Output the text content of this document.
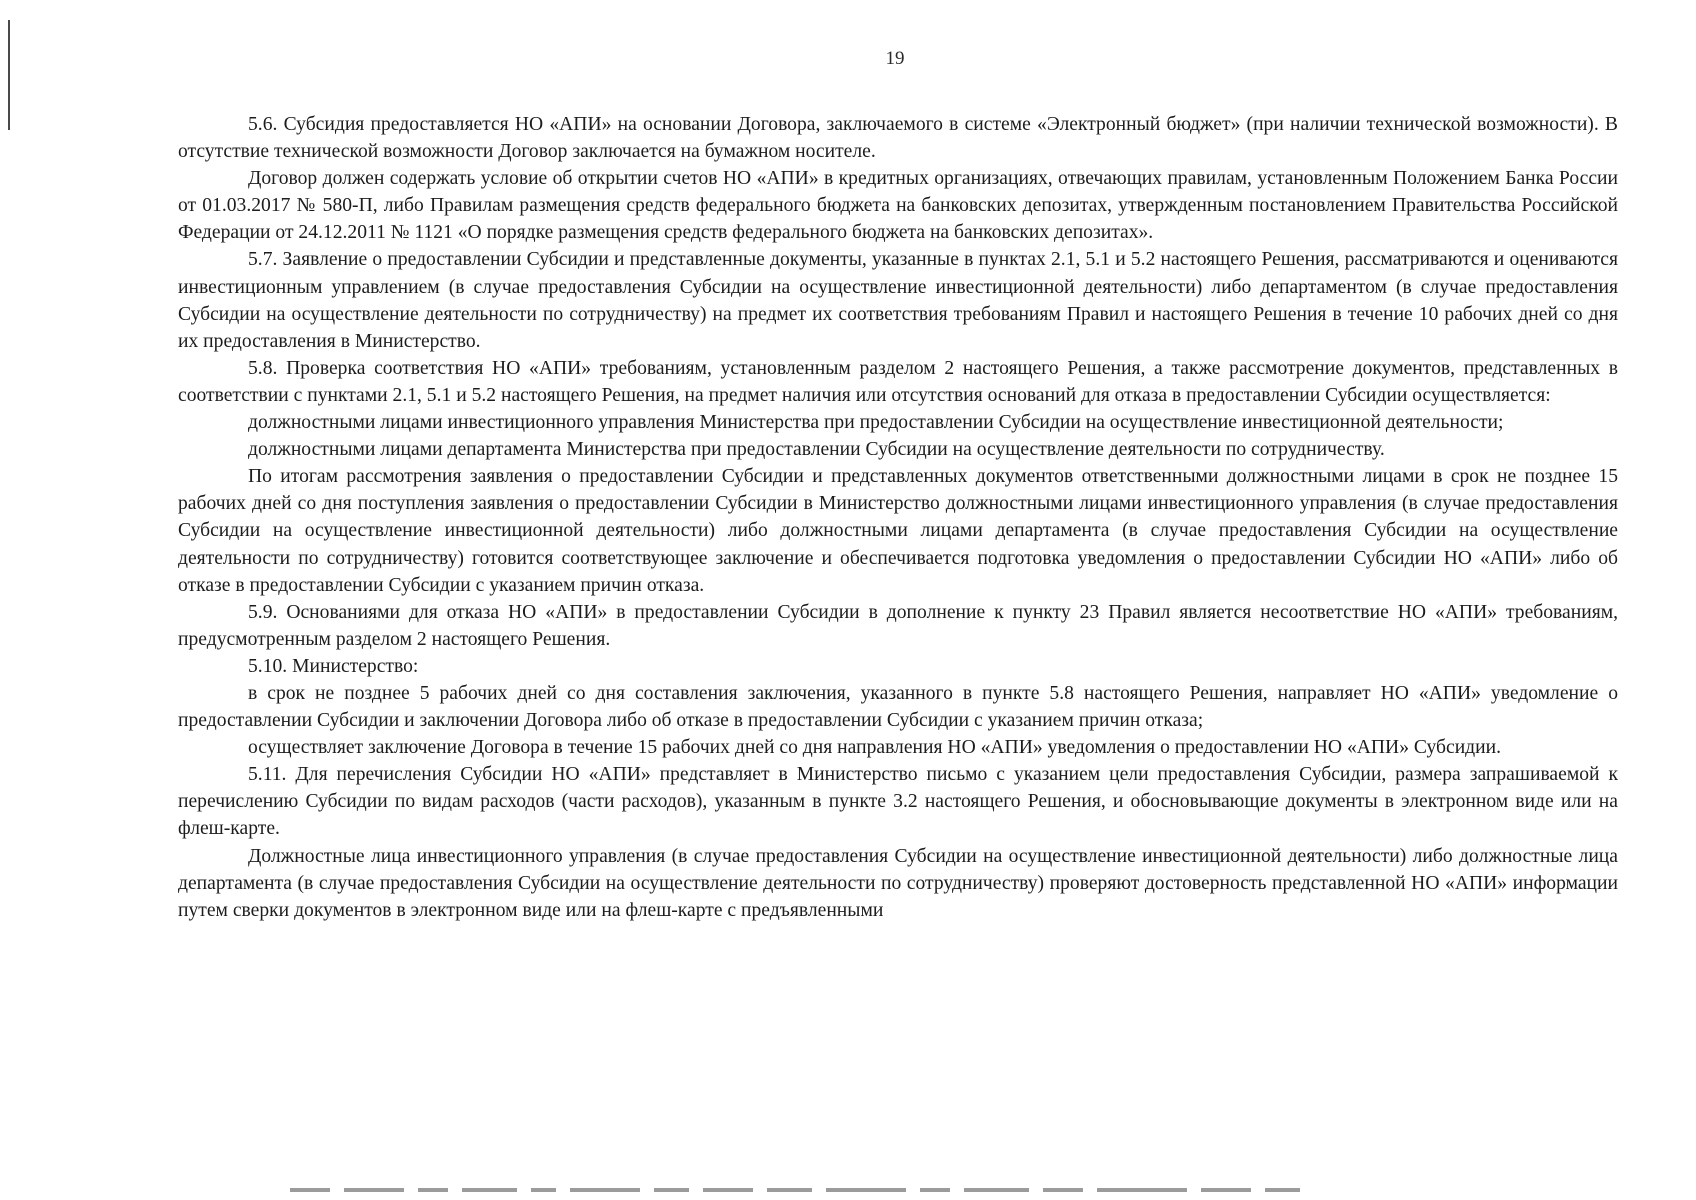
19

5.6. Субсидия предоставляется НО «АПИ» на основании Договора, заключаемого в системе «Электронный бюджет» (при наличии технической возможности). В отсутствие технической возможности Договор заключается на бумажном носителе.

Договор должен содержать условие об открытии счетов НО «АПИ» в кредитных организациях, отвечающих правилам, установленным Положением Банка России от 01.03.2017 № 580-П, либо Правилам размещения средств федерального бюджета на банковских депозитах, утвержденным постановлением Правительства Российской Федерации от 24.12.2011 № 1121 «О порядке размещения средств федерального бюджета на банковских депозитах».

5.7. Заявление о предоставлении Субсидии и представленные документы, указанные в пунктах 2.1, 5.1 и 5.2 настоящего Решения, рассматриваются и оцениваются инвестиционным управлением (в случае предоставления Субсидии на осуществление инвестиционной деятельности) либо департаментом (в случае предоставления Субсидии на осуществление деятельности по сотрудничеству) на предмет их соответствия требованиям Правил и настоящего Решения в течение 10 рабочих дней со дня их предоставления в Министерство.

5.8. Проверка соответствия НО «АПИ» требованиям, установленным разделом 2 настоящего Решения, а также рассмотрение документов, представленных в соответствии с пунктами 2.1, 5.1 и 5.2 настоящего Решения, на предмет наличия или отсутствия оснований для отказа в предоставлении Субсидии осуществляется:

должностными лицами инвестиционного управления Министерства при предоставлении Субсидии на осуществление инвестиционной деятельности;

должностными лицами департамента Министерства при предоставлении Субсидии на осуществление деятельности по сотрудничеству.

По итогам рассмотрения заявления о предоставлении Субсидии и представленных документов ответственными должностными лицами в срок не позднее 15 рабочих дней со дня поступления заявления о предоставлении Субсидии в Министерство должностными лицами инвестиционного управления (в случае предоставления Субсидии на осуществление инвестиционной деятельности) либо должностными лицами департамента (в случае предоставления Субсидии на осуществление деятельности по сотрудничеству) готовится соответствующее заключение и обеспечивается подготовка уведомления о предоставлении Субсидии НО «АПИ» либо об отказе в предоставлении Субсидии с указанием причин отказа.

5.9. Основаниями для отказа НО «АПИ» в предоставлении Субсидии в дополнение к пункту 23 Правил является несоответствие НО «АПИ» требованиям, предусмотренным разделом 2 настоящего Решения.

5.10. Министерство:

в срок не позднее 5 рабочих дней со дня составления заключения, указанного в пункте 5.8 настоящего Решения, направляет НО «АПИ» уведомление о предоставлении Субсидии и заключении Договора либо об отказе в предоставлении Субсидии с указанием причин отказа;

осуществляет заключение Договора в течение 15 рабочих дней со дня направления НО «АПИ» уведомления о предоставлении НО «АПИ» Субсидии.

5.11. Для перечисления Субсидии НО «АПИ» представляет в Министерство письмо с указанием цели предоставления Субсидии, размера запрашиваемой к перечислению Субсидии по видам расходов (части расходов), указанным в пункте 3.2 настоящего Решения, и обосновывающие документы в электронном виде или на флеш-карте.

Должностные лица инвестиционного управления (в случае предоставления Субсидии на осуществление инвестиционной деятельности) либо должностные лица департамента (в случае предоставления Субсидии на осуществление деятельности по сотрудничеству) проверяют достоверность представленной НО «АПИ» информации путем сверки документов в электронном виде или на флеш-карте с предъявленными
